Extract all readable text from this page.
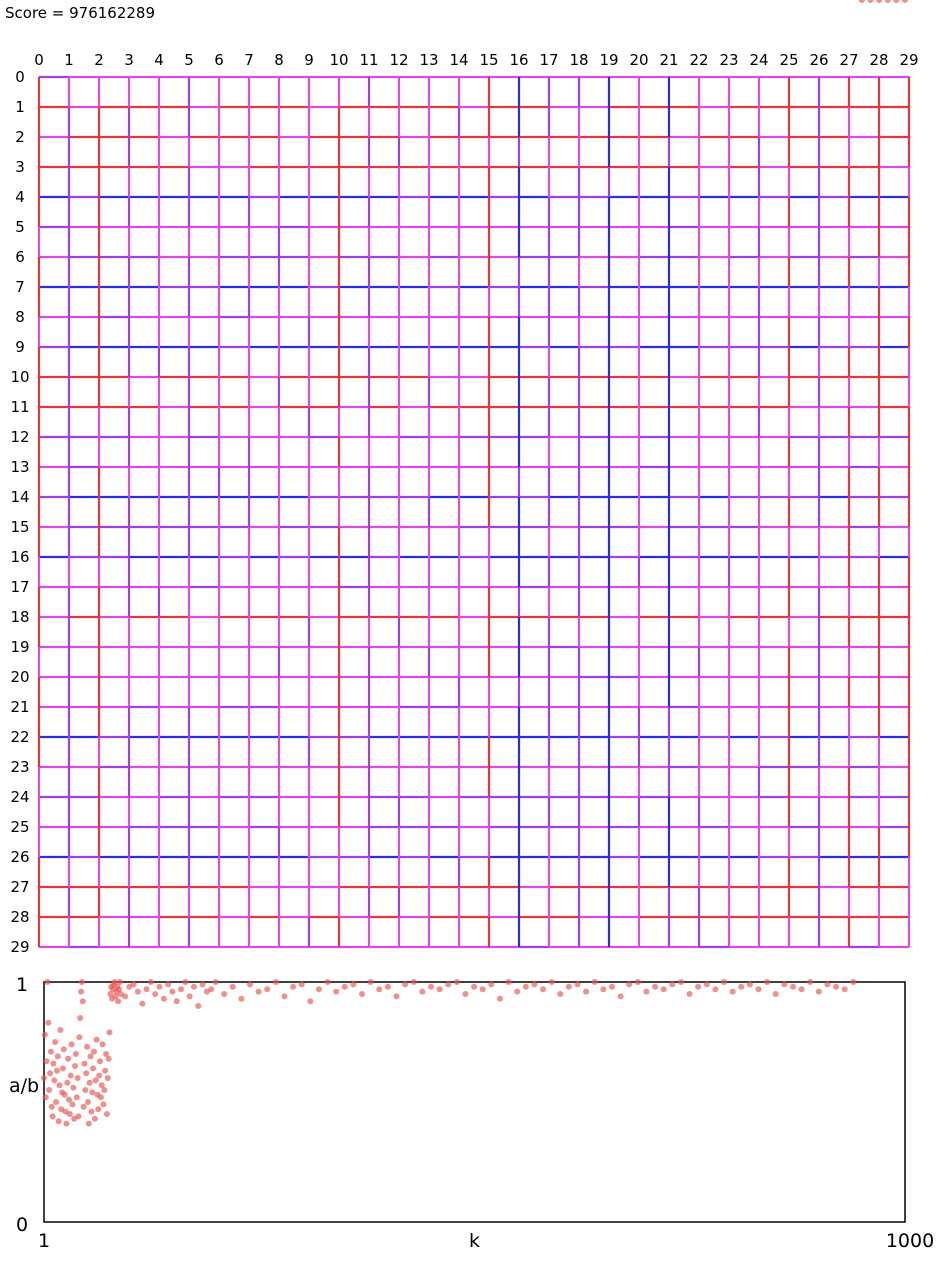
Score = 976162289
0 1 2 3 4 5 6 7 8 9 10 11 12 13 14 15 16 17 18 19 20 21 22 23 24 25 26 27 28 29
0
1
2
3
4
5
6
7
8
9
10
11
12
13
14
15
16
17
18
19
20
21
22
23
24
25
26
27
28
29
1
0
a/b
1	1000
k
